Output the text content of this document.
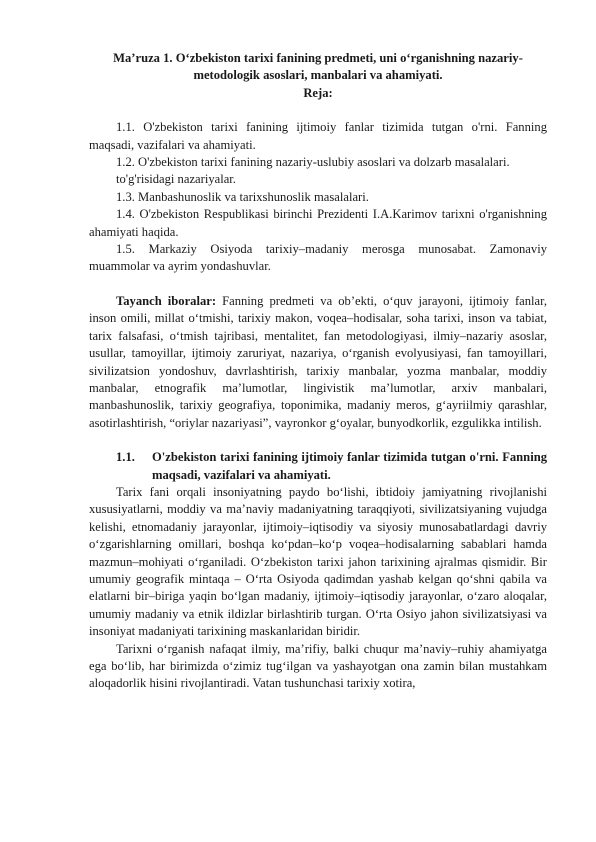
Ma’ruza 1. O‘zbekiston tarixi fanining predmeti, uni o‘rganishning nazariy-
metodologik asoslari, manbalari va ahamiyati.
Reja:

1.1. O'zbekiston tarixi fanining ijtimoiy fanlar tizimida tutgan o'rni. Fanning maqsadi, vazifalari va ahamiyati.

1.2. O'zbekiston tarixi fanining nazariy-uslubiy asoslari va dolzarb masalalari.

to'g'risidagi nazariyalar.

1.3. Manbashunoslik va tarixshunoslik masalalari.

1.4. O'zbekiston Respublikasi birinchi Prezidenti I.A.Karimov tarixni o'rganishning ahamiyati haqida.

1.5. Markaziy Osiyoda tarixiy–madaniy merosga munosabat. Zamonaviy muammolar va ayrim yondashuvlar.

Tayanch iboralar: Fanning predmeti va ob’ekti, o‘quv jarayoni, ijtimoiy fanlar, inson omili, millat o‘tmishi, tarixiy makon, voqea–hodisalar, soha tarixi, inson va tabiat, tarix falsafasi, o‘tmish tajribasi, mentalitet, fan metodologiyasi, ilmiy–nazariy asoslar, usullar, tamoyillar, ijtimoiy zaruriyat, nazariya, o‘rganish evolyusiyasi, fan tamoyillari, sivilizatsion yondoshuv, davrlashtirish, tarixiy manbalar, yozma manbalar, moddiy manbalar, etnografik ma’lumotlar, lingivistik ma’lumotlar, arxiv manbalari, manbashunoslik, tarixiy geografiya, toponimika, madaniy meros, g‘ayriilmiy qarashlar, asotirlashtirish, “oriylar nazariyasi”, vayronkor g‘oyalar, bunyodkorlik, ezgulikka intilish.

1.1.	O'zbekiston tarixi fanining ijtimoiy fanlar tizimida tutgan o'rni. Fanning maqsadi, vazifalari va ahamiyati.

Tarix fani orqali insoniyatning paydo bo‘lishi, ibtidoiy jamiyatning rivojlanishi xususiyatlarni, moddiy va ma’naviy madaniyatning taraqqiyoti, sivilizatsiyaning vujudga kelishi, etnomadaniy jarayonlar, ijtimoiy–iqtisodiy va siyosiy munosabatlardagi davriy o‘zgarishlarning omillari, boshqa ko‘pdan–ko‘p voqea–hodisalarning sabablari hamda mazmun–mohiyati o‘rganiladi. O‘zbekiston tarixi jahon tarixining ajralmas qismidir. Bir umumiy geografik mintaqa – O‘rta Osiyoda qadimdan yashab kelgan qo‘shni qabila va elatlarni bir–biriga yaqin bo‘lgan madaniy, ijtimoiy–iqtisodiy jarayonlar, o‘zaro aloqalar, umumiy madaniy va etnik ildizlar birlashtirib turgan. O‘rta Osiyo jahon sivilizatsiyasi va insoniyat madaniyati tarixining maskanlaridan biridir.

Tarixni o‘rganish nafaqat ilmiy, ma’rifiy, balki chuqur ma’naviy–ruhiy ahamiyatga ega bo‘lib, har birimizda o‘zimiz tug‘ilgan va yashayotgan ona zamin bilan mustahkam aloqadorlik hisini rivojlantiradi. Vatan tushunchasi tarixiy xotira,
